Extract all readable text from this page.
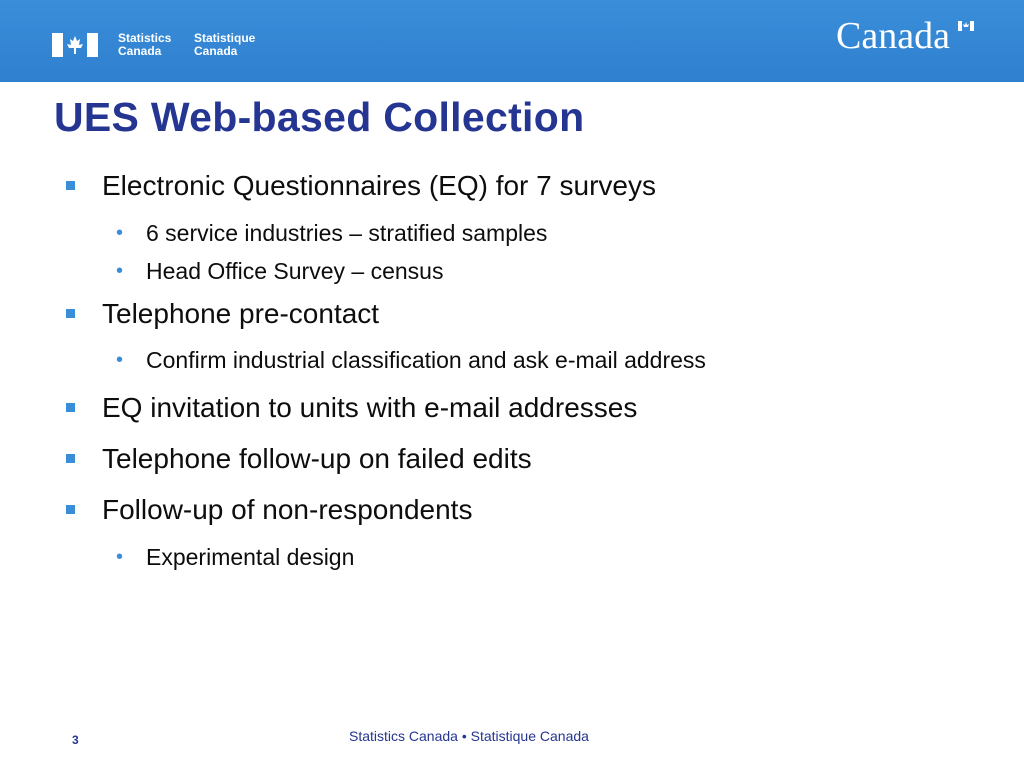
Statistics
Canada
Statistique
Canada	Canada
UES Web-based Collection
Electronic Questionnaires (EQ) for 7 surveys
• 6 service industries – stratified samples
• Head Office Survey – census
Telephone pre-contact
• Confirm industrial classification and ask e-mail address
EQ invitation to units with e-mail addresses
Telephone follow-up on failed edits
Follow-up of non-respondents
• Experimental design
3	Statistics Canada • Statistique Canada
